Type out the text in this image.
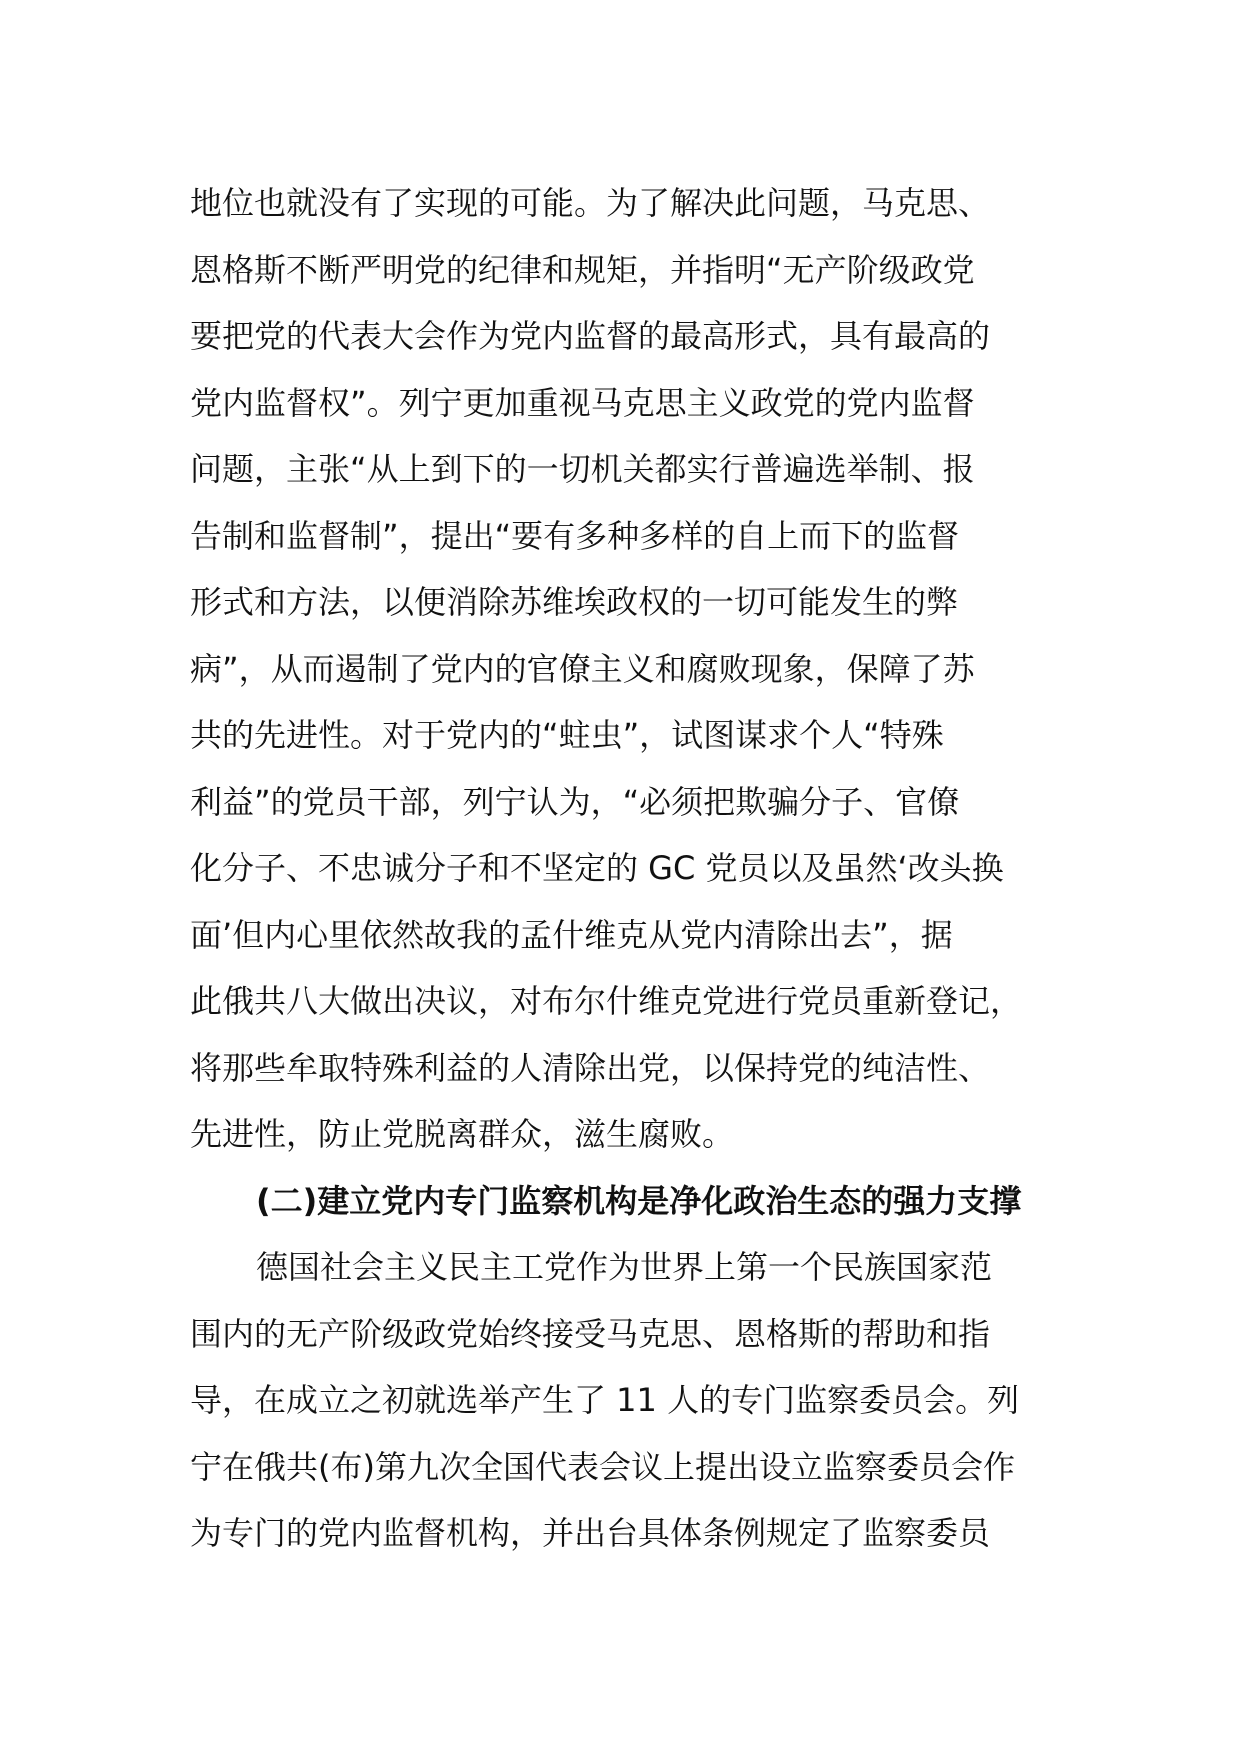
地位也就没有了实现的可能。为了解决此问题，马克思、
恩格斯不断严明党的纪律和规矩，并指明“无产阶级政党
要把党的代表大会作为党内监督的最高形式，具有最高的
党内监督权”。列宁更加重视马克思主义政党的党内监督
问题，主张“从上到下的一切机关都实行普遍选举制、报
告制和监督制”，提出“要有多种多样的自上而下的监督
形式和方法，以便消除苏维埃政权的一切可能发生的弊
病”，从而遏制了党内的官僚主义和腐败现象，保障了苏
共的先进性。对于党内的“蛀虫”，试图谋求个人“特殊
利益”的党员干部，列宁认为，“必须把欺骗分子、官僚
化分子、不忠诚分子和不坚定的 GC 党员以及虽然‘改头换
面’但内心里依然故我的孟什维克从党内清除出去”，据
此俄共八大做出决议，对布尔什维克党进行党员重新登记，
将那些牟取特殊利益的人清除出党，以保持党的纯洁性、
先进性，防止党脱离群众，滋生腐败。
(二)建立党内专门监察机构是净化政治生态的强力支撑
德国社会主义民主工党作为世界上第一个民族国家范
围内的无产阶级政党始终接受马克思、恩格斯的帮助和指
导，在成立之初就选举产生了 11 人的专门监察委员会。列
宁在俄共(布)第九次全国代表会议上提出设立监察委员会作
为专门的党内监督机构，并出台具体条例规定了监察委员
